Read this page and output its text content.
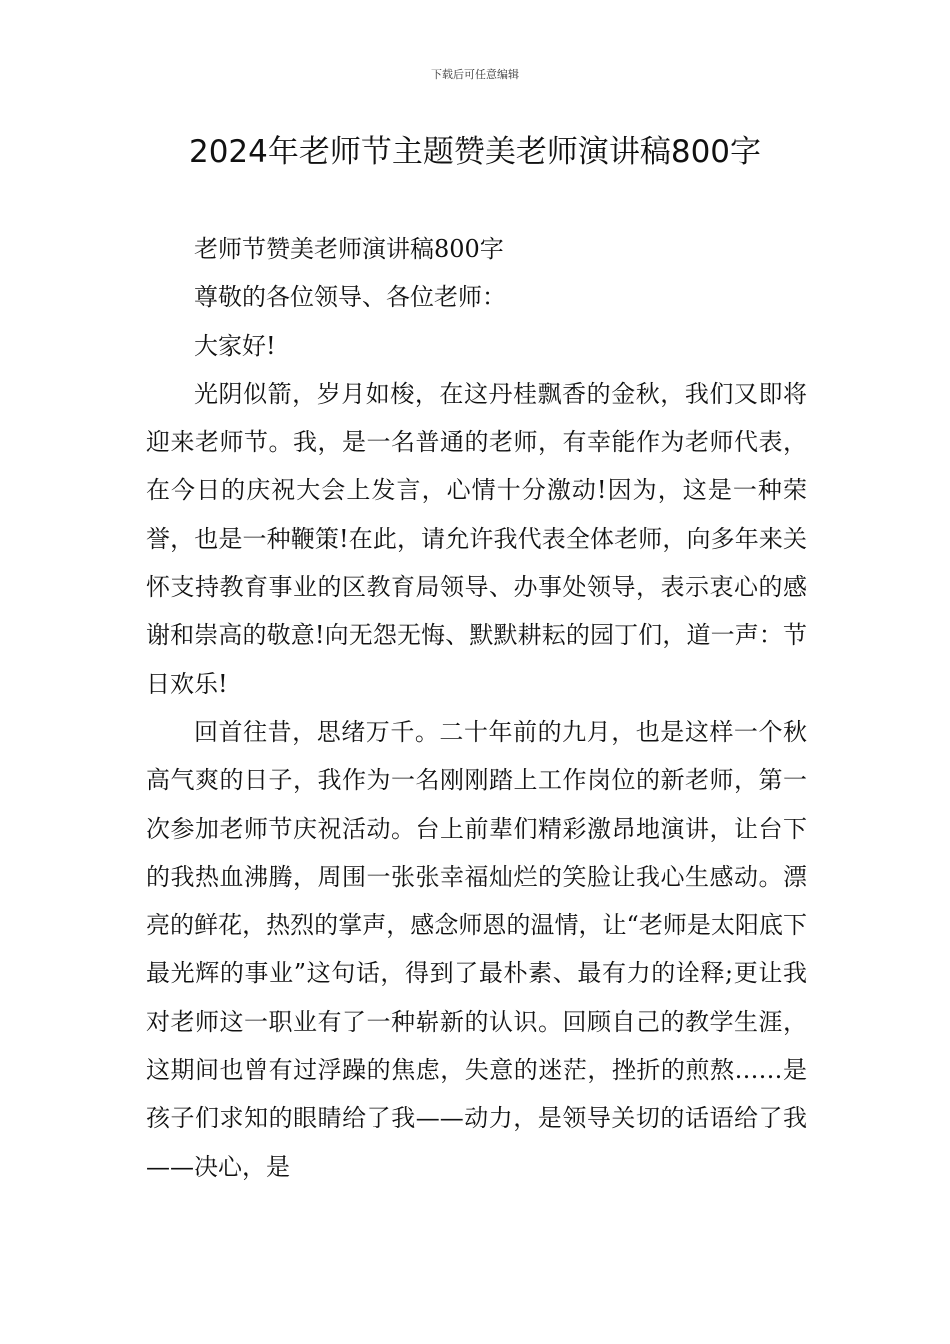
下载后可任意编辑
2024年老师节主题赞美老师演讲稿800字

老师节赞美老师演讲稿800字

尊敬的各位领导、各位老师：

大家好!

光阴似箭，岁月如梭，在这丹桂飘香的金秋，我们又即将迎来老师节。我，是一名普通的老师，有幸能作为老师代表，在今日的庆祝大会上发言，心情十分激动!因为，这是一种荣誉，也是一种鞭策!在此，请允许我代表全体老师，向多年来关怀支持教育事业的区教育局领导、办事处领导，表示衷心的感谢和崇高的敬意!向无怨无悔、默默耕耘的园丁们，道一声：节日欢乐!

回首往昔，思绪万千。二十年前的九月，也是这样一个秋高气爽的日子，我作为一名刚刚踏上工作岗位的新老师，第一次参加老师节庆祝活动。台上前辈们精彩激昂地演讲，让台下的我热血沸腾，周围一张张幸福灿烂的笑脸让我心生感动。漂亮的鲜花，热烈的掌声，感念师恩的温情，让“老师是太阳底下最光辉的事业”这句话，得到了最朴素、最有力的诠释;更让我对老师这一职业有了一种崭新的认识。回顾自己的教学生涯，这期间也曾有过浮躁的焦虑，失意的迷茫，挫折的煎熬……是孩子们求知的眼睛给了我——动力，是领导关切的话语给了我——决心，是
